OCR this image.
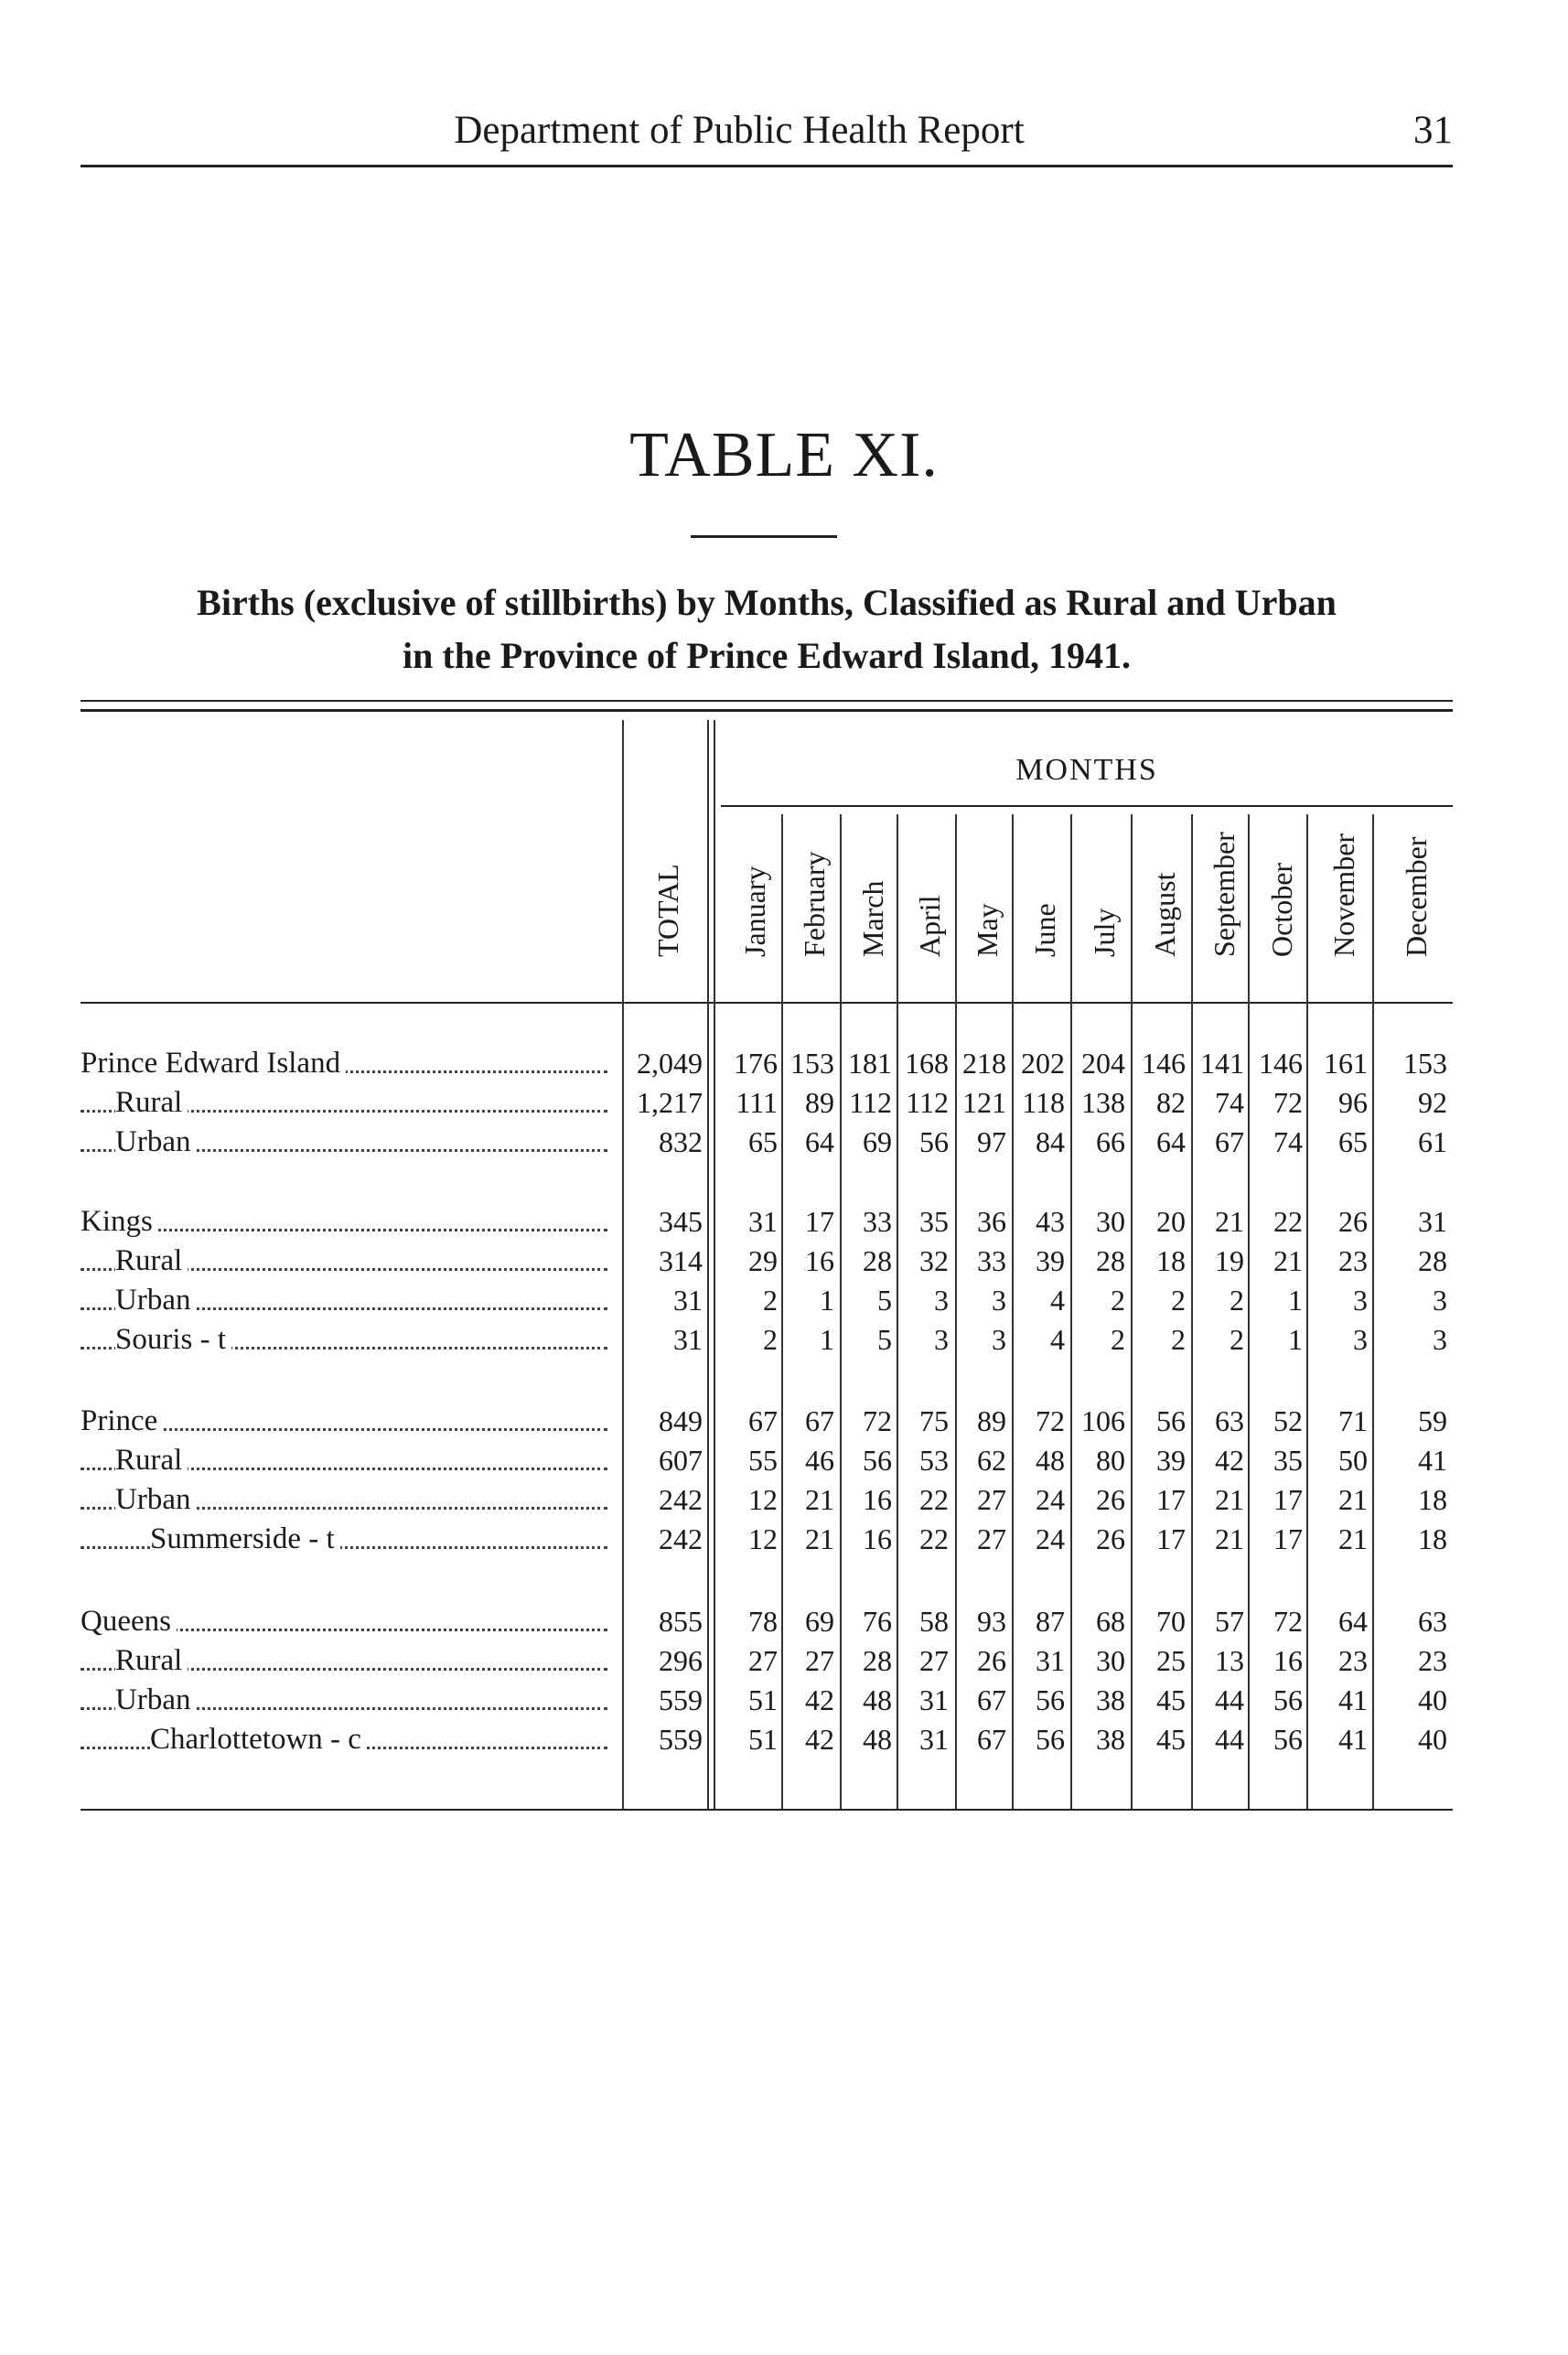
Department of Public Health Report	31
TABLE XI.
Births (exclusive of stillbirths) by Months, Classified as Rural and Urban
in the Province of Prince Edward Island, 1941.
MONTHS
TOTAL January February March April May June July August September October November December
Prince Edward Island	2,049	176 153 181 168 218 202 204 146 141 146 161	153
Rural	1,217	111 89 112 112 121 118 138	82	74	72	96	92
Urban	832	65 64 69 56 97	84	66	64	67	74	65	61
Kings	345	31 17 33 35 36	43	30	20	21	22	26	31
Rural	314	29 16 28 32 33	39	28	18	19	21	23	28
Urban	31	2	1	5	3	3	4	2	2	2	1	3	3
Souris - t	31	2	1	5	3	3	4	2	2	2	1	3	3
Prince	849	67 67 72 75 89	72 106	56	63	52	71	59
Rural	607	55 46 56 53 62	48	80	39	42	35	50	41
Urban	242	12 21 16 22 27	24	26	17	21	17	21	18
Summerside - t	242	12 21 16 22 27	24	26	17	21	17	21	18
Queens	855	78 69 76 58 93	87	68	70	57	72	64	63
Rural	296	27 27 28 27 26	31	30	25	13	16	23	23
Urban	559	51 42 48 31 67	56	38	45	44	56	41	40
Charlottetown - c	559	51 42 48 31 67	56	38	45	44	56	41	40
